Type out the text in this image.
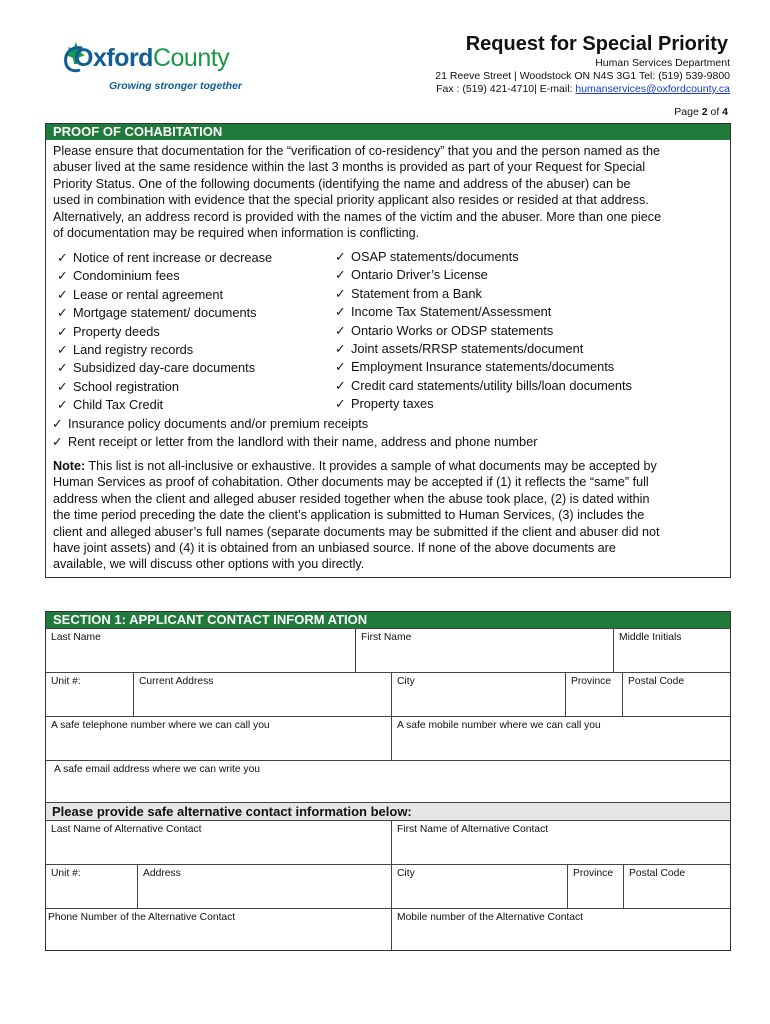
OxfordCounty
Growing stronger together
Request for Special Priority
Human Services Department
21 Reeve Street | Woodstock ON N4S 3G1 Tel: (519) 539-9800
Fax : (519) 421-4710| E-mail: humanservices@oxfordcounty.ca
Page 2 of 4
PROOF OF COHABITATION
Please ensure that documentation for the “verification of co-residency” that you and the person named as the
abuser lived at the same residence within the last 3 months is provided as part of your Request for Special
Priority Status. One of the following documents (identifying the name and address of the abuser) can be
used in combination with evidence that the special priority applicant also resides or resided at that address.
Alternatively, an address record is provided with the names of the victim and the abuser. More than one piece
of documentation may be required when information is conflicting.
✓ Notice of rent increase or decrease
✓ Condominium fees
✓ Lease or rental agreement
✓ Mortgage statement/ documents
✓ Property deeds
✓ Land registry records
✓ Subsidized day-care documents
✓ School registration
✓ Child Tax Credit
✓ OSAP statements/documents
✓ Ontario Driver’s License
✓ Statement from a Bank
✓ Income Tax Statement/Assessment
✓ Ontario Works or ODSP statements
✓ Joint assets/RRSP statements/document
✓ Employment Insurance statements/documents
✓ Credit card statements/utility bills/loan documents
✓ Property taxes
✓ Insurance policy documents and/or premium receipts
✓ Rent receipt or letter from the landlord with their name, address and phone number
Note: This list is not all-inclusive or exhaustive. It provides a sample of what documents may be accepted by
Human Services as proof of cohabitation. Other documents may be accepted if (1) it reflects the “same” full
address when the client and alleged abuser resided together when the abuse took place, (2) is dated within
the time period preceding the date the client’s application is submitted to Human Services, (3) includes the
client and alleged abuser’s full names (separate documents may be submitted if the client and abuser did not
have joint assets) and (4) it is obtained from an unbiased source. If none of the above documents are
available, we will discuss other options with you directly.
SECTION 1: APPLICANT CONTACT INFORM ATION
Last Name	First Name	Middle Initials
Unit #:	Current Address	City	Province	Postal Code
A safe telephone number where we can call you	A safe mobile number where we can call you
A safe email address where we can write you
Please provide safe alternative contact information below:
Last Name of Alternative Contact	First Name of Alternative Contact
Unit #:	Address	City	Province	Postal Code
Phone Number of the Alternative Contact	Mobile number of the Alternative Contact
